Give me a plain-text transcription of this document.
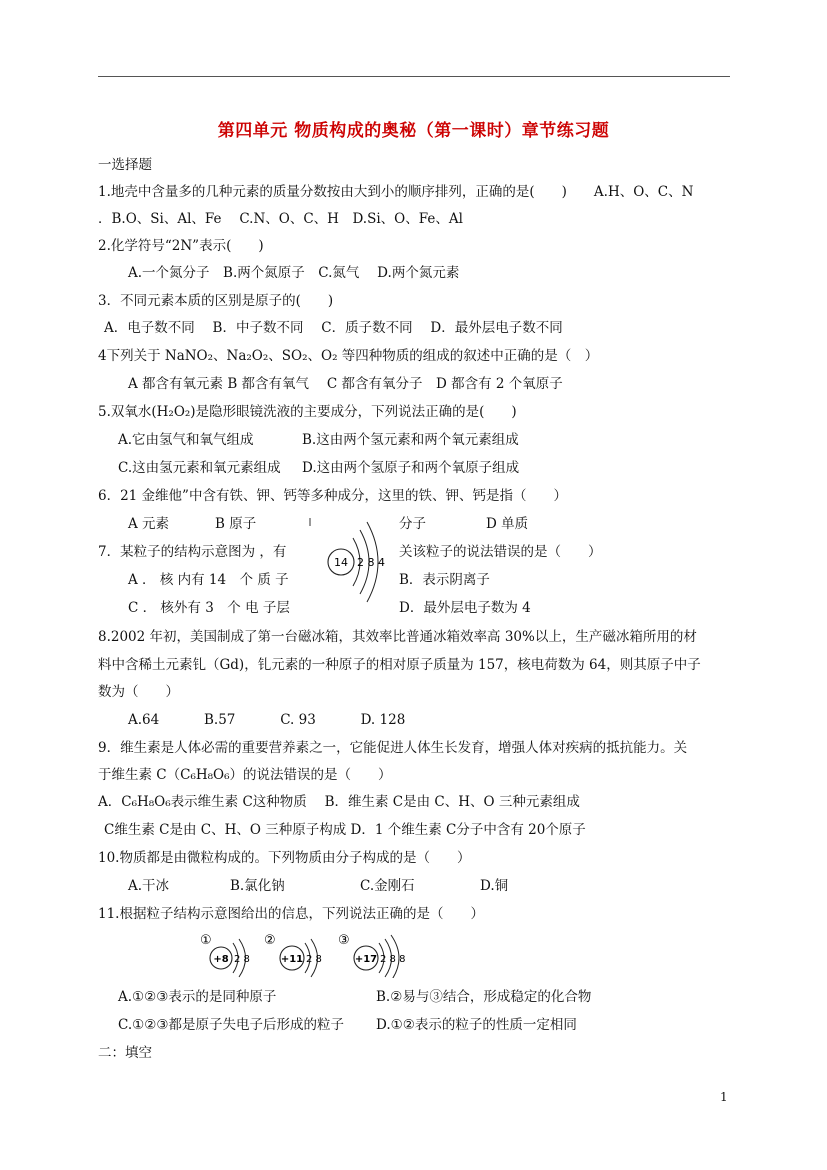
第四单元 物质构成的奥秘（第一课时）章节练习题
一选择题
1.地壳中含量多的几种元素的质量分数按由大到小的顺序排列，正确的是(　　)　　A.H、O、C、N
．B.O、Si、Al、Fe　 C.N、O、C、H　D.Si、O、Fe、Al
2.化学符号“2N”表示(　　)
A.一个氮分子　B.两个氮原子　C.氮气　 D.两个氮元素
3．不同元素本质的区别是原子的(　　)
A．电子数不同　 B．中子数不同　 C．质子数不同　 D．最外层电子数不同
4下列关于 NaNO₂、Na₂O₂、SO₂、O₂ 等四种物质的组成的叙述中正确的是（　）
A 都含有氧元素 B 都含有氧气　 C 都含有氧分子　D 都含有 2 个氧原子
5.双氧水(H₂O₂)是隐形眼镜洗液的主要成分，下列说法正确的是(　　)
A.它由氢气和氧气组成	B.这由两个氢元素和两个氧元素组成
C.这由氢元素和氧元素组成 D.这由两个氢原子和两个氧原子组成
6．21 金维他”中含有铁、钾、钙等多种成分，这里的铁、钾、钙是指（　　）
A 元素	B 原子	分子	D 单质
7．某粒子的结构示意图为 ，有	关该粒子的说法错误的是（　　）
14 2 8 4
A ． 核 内有 14　个 质 子	B．表示阴离子
C ． 核外有 3　个 电 子层	D．最外层电子数为 4
8.2002 年初，美国制成了第一台磁冰箱，其效率比普通冰箱效率高 30%以上，生产磁冰箱所用的材
料中含稀土元素钆（Gd)，钆元素的一种原子的相对原子质量为 157，核电荷数为 64，则其原子中子
数为（　　）
A.64　　　 B.57　　　 C. 93　　　 D. 128
9．维生素是人体必需的重要营养素之一，它能促进人体生长发育，增强人体对疾病的抵抗能力。关
于维生素 C（C₆H₈O₆）的说法错误的是（　　）
A．C₆H₈O₆表示维生素 C这种物质　 B．维生素 C是由 C、H、O 三种元素组成
C维生素 C是由 C、H、O 三种原子构成 D．1 个维生素 C分子中含有 20个原子
10.物质都是由微粒构成的。下列物质由分子构成的是（　　）
A.干冰	B.氯化钠	C.金刚石	D.铜
11.根据粒子结构示意图给出的信息，下列说法正确的是（　　）
①
+8 2 8
②
+11 2 8
③
+17 2 8 8
A.①②③表示的是同种原子	B.②易与③结合，形成稳定的化合物
C.①②③都是原子失电子后形成的粒子 D.①②表示的粒子的性质一定相同
二：填空
1
